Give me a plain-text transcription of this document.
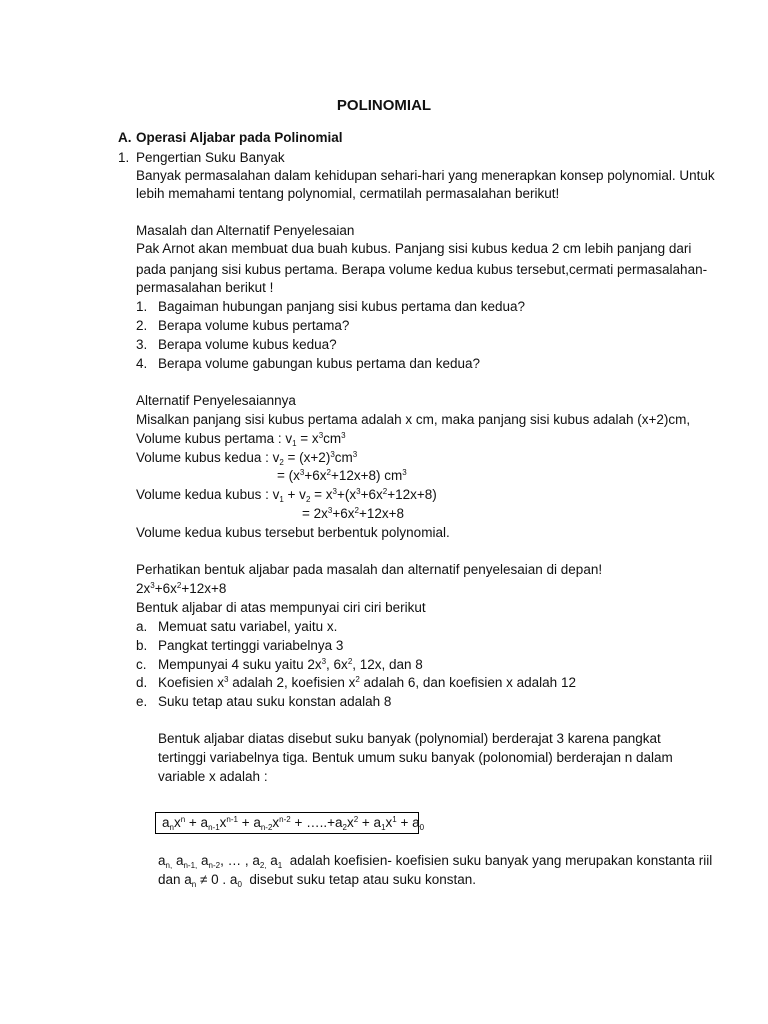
POLINOMIAL
A. Operasi Aljabar pada Polinomial
1. Pengertian Suku Banyak
Banyak permasalahan dalam kehidupan sehari-hari yang menerapkan konsep polynomial. Untuk
lebih memahami tentang polynomial, cermatilah permasalahan berikut!
Masalah dan Alternatif Penyelesaian
Pak Arnot akan membuat dua buah kubus. Panjang sisi kubus kedua 2 cm lebih panjang dari
pada panjang sisi kubus pertama. Berapa volume kedua kubus tersebut,cermati permasalahan-
permasalahan berikut !
1. Bagaiman hubungan panjang sisi kubus pertama dan kedua?
2. Berapa volume kubus pertama?
3. Berapa volume kubus kedua?
4. Berapa volume gabungan kubus pertama dan kedua?
Alternatif Penyelesaiannya
Misalkan panjang sisi kubus pertama adalah x cm, maka panjang sisi kubus adalah (x+2)cm,
Volume kubus pertama : $v_1 = x^3cm^3$
Volume kubus kedua : $v_2 = (x+2)^3cm^3$
= $(x^3+6x^2+12x+8)$ $cm^3$
Volume kedua kubus : $v_1 + v_2 = x^3+(x^3+6x^2+12x+8)$
= $2x^3+6x^2+12x+8$
Volume kedua kubus tersebut berbentuk polynomial.
Perhatikan bentuk aljabar pada masalah dan alternatif penyelesaian di depan!
$2x^3+6x^2+12x+8$
Bentuk aljabar di atas mempunyai ciri ciri berikut
a. Memuat satu variabel, yaitu x.
b. Pangkat tertinggi variabelnya 3
c. Mempunyai 4 suku yaitu $2x^3$, $6x^2$, 12x, dan 8
d. Koefisien $x^3$ adalah 2, koefisien $x^2$ adalah 6, dan koefisien x adalah 12
e. Suku tetap atau suku konstan adalah 8
Bentuk aljabar diatas disebut suku banyak (polynomial) berderajat 3 karena pangkat
tertinggi variabelnya tiga. Bentuk umum suku banyak (polonomial) berderajan n dalam
variable x adalah :
$a_nx^n + a_{n-1}x^{n-1} + a_{n-2}x^{n-2}$ + $\dots..+a_2x^2 + a_1x^1 + a_0$
$a_{n,}$ $a_{n-1,}$ $a_{n-2}$, … , $a_{2,}$ $a_1$ adalah koefisien- koefisien suku banyak yang merupakan konstanta riil
dan $a_n \ne 0$ . $a_0$ disebut suku tetap atau suku konstan.
